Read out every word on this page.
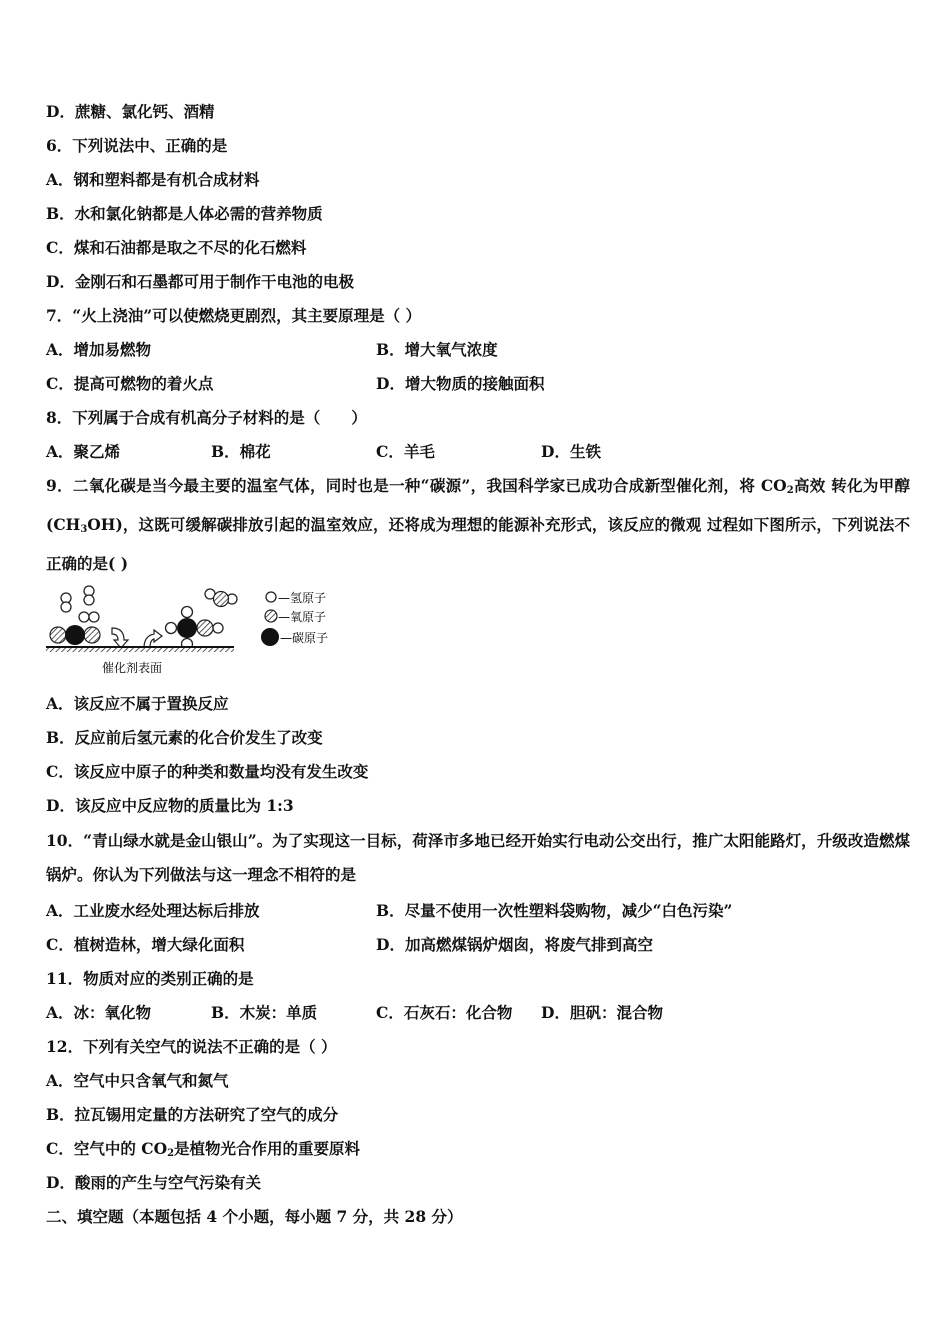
D．蔗糖、氯化钙、酒精
6．下列说法中、正确的是
A．钢和塑料都是有机合成材料
B．水和氯化钠都是人体必需的营养物质
C．煤和石油都是取之不尽的化石燃料
D．金刚石和石墨都可用于制作干电池的电极
7．“火上浇油”可以使燃烧更剧烈，其主要原理是（ ）
A．增加易燃物	B．增大氧气浓度
C．提高可燃物的着火点	D．增大物质的接触面积
8．下列属于合成有机高分子材料的是（　　）
A．聚乙烯	B．棉花	C．羊毛	D．生铁
9．二氧化碳是当今最主要的温室气体，同时也是一种“碳源”，我国科学家已成功合成新型催化剂，将 $CO_2$高效 转化为甲醇$(CH_3OH)$，这既可缓解碳排放引起的温室效应，还将成为理想的能源补充形式，该反应的微观 过程如下图所示，下列说法不正确的是( )
催化剂表面
—氢原子
—氧原子
—碳原子
A．该反应不属于置换反应
B．反应前后氢元素的化合价发生了改变
C．该反应中原子的种类和数量均没有发生改变
D．该反应中反应物的质量比为 1:3
10．“青山绿水就是金山银山”。为了实现这一目标，荷泽市多地已经开始实行电动公交出行，推广太阳能路灯，升级改造燃煤锅炉。你认为下列做法与这一理念不相符的是
A．工业废水经处理达标后排放	B．尽量不使用一次性塑料袋购物，减少“白色污染”
C．植树造林，增大绿化面积	D．加高燃煤锅炉烟囱，将废气排到高空
11．物质对应的类别正确的是
A．冰：氧化物	B．木炭：单质	C．石灰石：化合物 D．胆矾：混合物
12．下列有关空气的说法不正确的是（ ）
A．空气中只含氧气和氮气
B．拉瓦锡用定量的方法研究了空气的成分
C．空气中的 $CO_2$是植物光合作用的重要原料
D．酸雨的产生与空气污染有关
二、填空题（本题包括 4 个小题，每小题 7 分，共 28 分）
